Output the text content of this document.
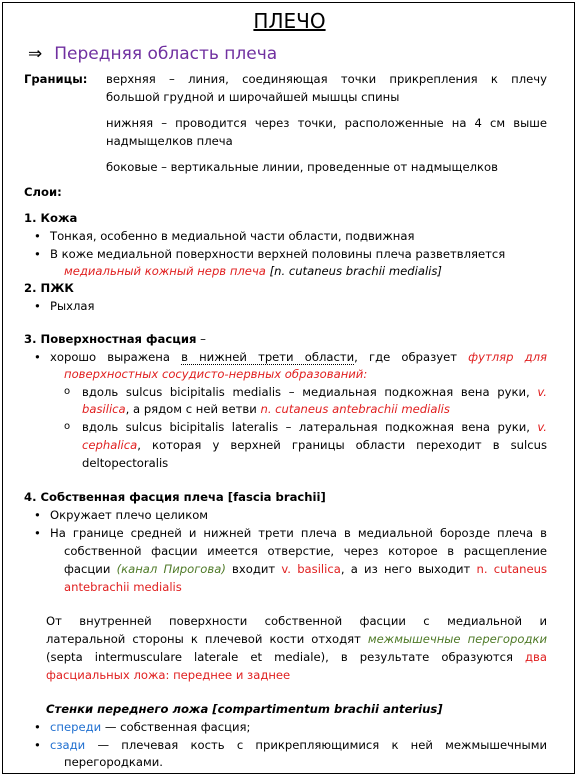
ПЛЕЧО
⇒ Передняя область плеча
Границы: верхняя – линия, соединяющая точки прикрепления к плечу
большой грудной и широчайшей мышцы спины
нижняя – проводится через точки, расположенные на 4 см выше
надмыщелков плеча
боковые – вертикальные линии, проведенные от надмыщелков
Слои:
1. Кожа
• Тонкая, особенно в медиальной части области, подвижная
• В коже медиальной поверхности верхней половины плеча разветвляется
медиальный кожный нерв плеча [n. cutaneus brachii medialis]
2. ПЖК
• Рыхлая
3. Поверхностная фасция –
• хорошо выражена в нижней трети области, где образует футляр для
поверхностных сосудисто-нервных образований:
o вдоль sulcus bicipitalis medialis – медиальная подкожная вена руки, v.
basilica, а рядом с ней ветви n. cutaneus antebrachii medialis
o вдоль sulcus bicipitalis lateralis – латеральная подкожная вена руки, v.
cephalica, которая у верхней границы области переходит в sulcus
deltopectoralis
4. Собственная фасция плеча [fascia brachii]
• Окружает плечо целиком
• На границе средней и нижней трети плеча в медиальной борозде плеча в
собственной фасции имеется отверстие, через которое в расщепление
фасции (канал Пирогова) входит v. basilica, а из него выходит n. cutaneus
antebrachii medialis
От внутренней поверхности собственной фасции с медиальной и
латеральной стороны к плечевой кости отходят межмышечные перегородки
(septa intermusculare laterale et mediale), в результате образуются два
фасциальных ложа: переднее и заднее
Стенки переднего ложа [compartimentum brachii anterius]
• спереди — собственная фасция;
• сзади — плечевая кость с прикрепляющимися к ней межмышечными
перегородками.
